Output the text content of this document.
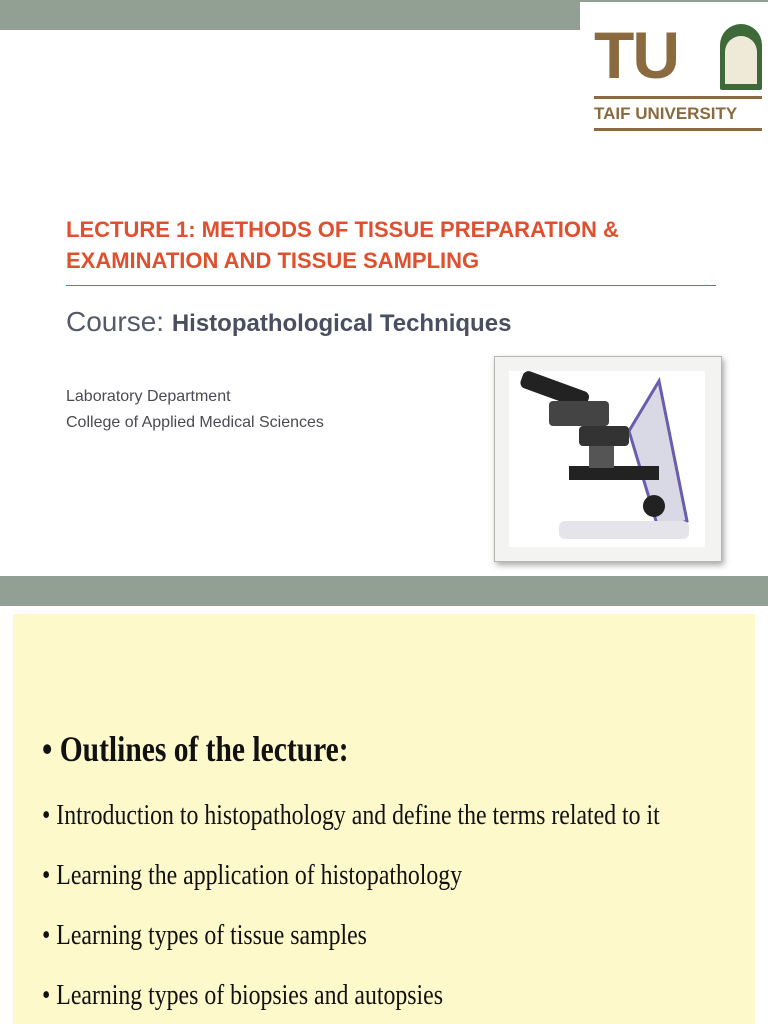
TU
TAIF UNIVERSITY
LECTURE 1: METHODS OF TISSUE PREPARATION & EXAMINATION AND TISSUE SAMPLING
Course: Histopathological Techniques
Laboratory Department
College of Applied Medical Sciences
• Outlines of the lecture:
• Introduction to histopathology and define the terms related to it
• Learning the application of histopathology
• Learning types of tissue samples
• Learning types of biopsies and autopsies
